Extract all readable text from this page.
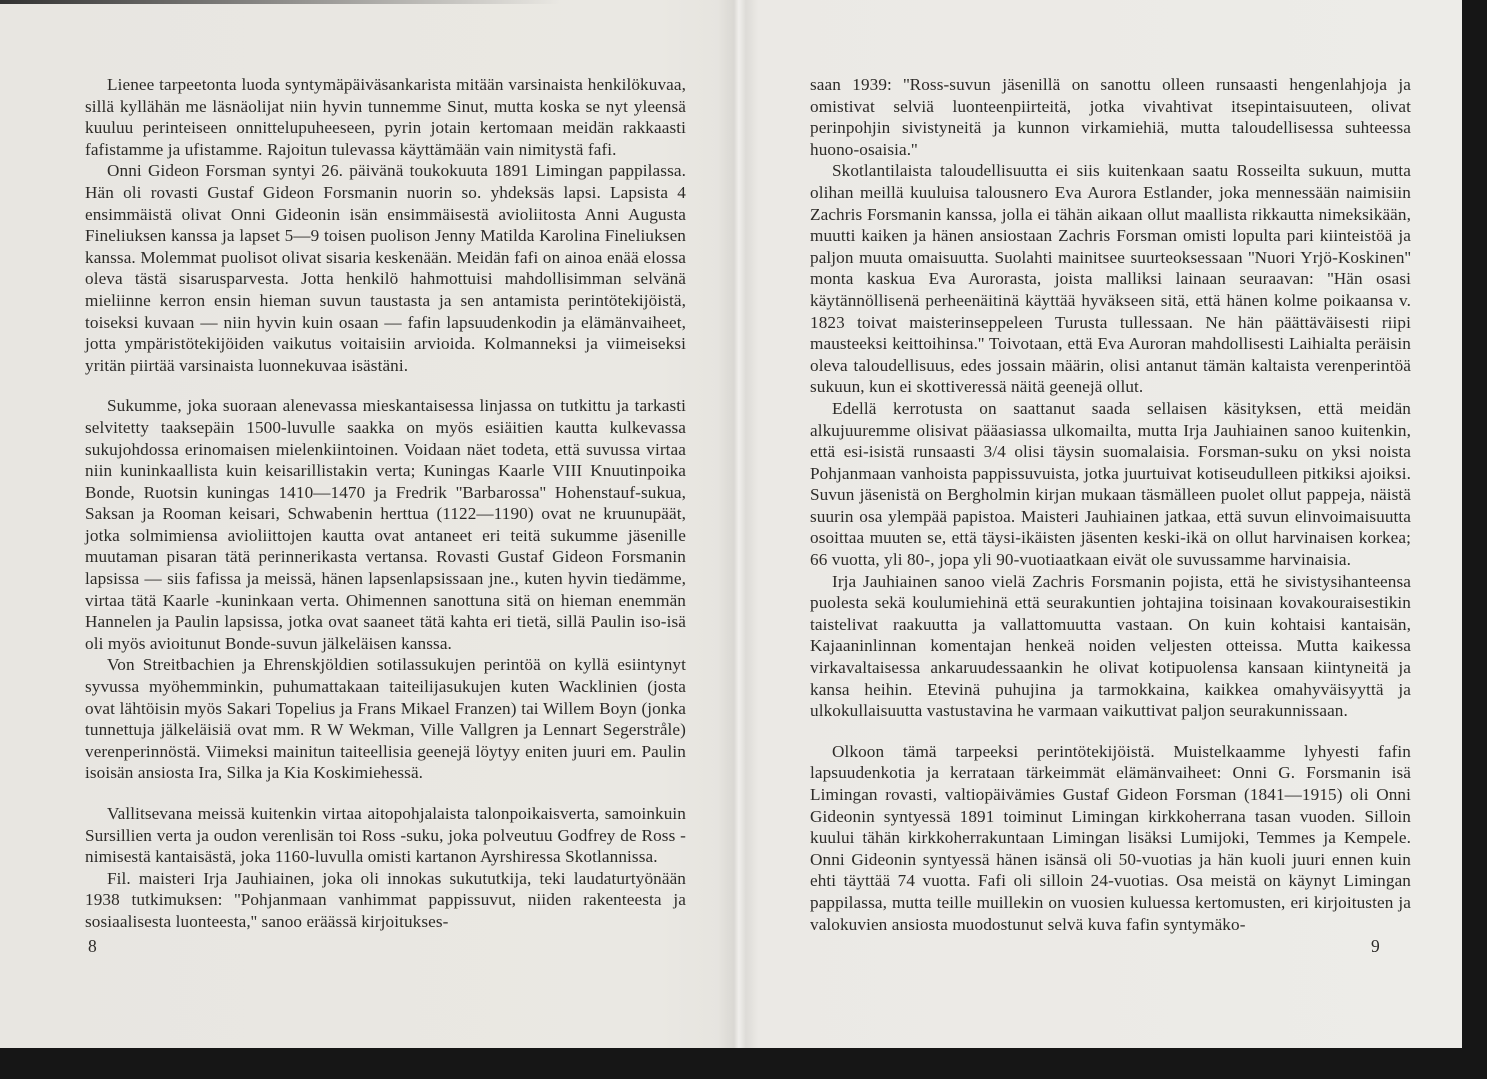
Lienee tarpeetonta luoda syntymäpäiväsankarista mitään varsinaista henkilökuvaa, sillä kyllähän me läsnäolijat niin hyvin tunnemme Sinut, mutta koska se nyt yleensä kuuluu perinteiseen onnittelupuheeseen, pyrin jotain kertomaan meidän rakkaasti fafistamme ja ufistamme. Rajoitun tulevassa käyttämään vain nimitystä fafi.

Onni Gideon Forsman syntyi 26. päivänä toukokuuta 1891 Limingan pappilassa. Hän oli rovasti Gustaf Gideon Forsmanin nuorin so. yhdeksäs lapsi. Lapsista 4 ensimmäistä olivat Onni Gideonin isän ensimmäisestä avioliitosta Anni Augusta Fineliuksen kanssa ja lapset 5—9 toisen puolison Jenny Matilda Karolina Fineliuksen kanssa. Molemmat puolisot olivat sisaria keskenään. Meidän fafi on ainoa enää elossa oleva tästä sisarusparvesta. Jotta henkilö hahmottuisi mahdollisimman selvänä mieliinne kerron ensin hieman suvun taustasta ja sen antamista perintötekijöistä, toiseksi kuvaan — niin hyvin kuin osaan — fafin lapsuudenkodin ja elämänvaiheet, jotta ympäristötekijöiden vaikutus voitaisiin arvioida. Kolmanneksi ja viimeiseksi yritän piirtää varsinaista luonnekuvaa isästäni.

Sukumme, joka suoraan alenevassa mieskantaisessa linjassa on tutkittu ja tarkasti selvitetty taaksepäin 1500-luvulle saakka on myös esiäitien kautta kulkevassa sukujohdossa erinomaisen mielenkiintoinen. Voidaan näet todeta, että suvussa virtaa niin kuninkaallista kuin keisarillistakin verta; Kuningas Kaarle VIII Knuutinpoika Bonde, Ruotsin kuningas 1410—1470 ja Fredrik ''Barbarossa'' Hohenstauf-sukua, Saksan ja Rooman keisari, Schwabenin herttua (1122—1190) ovat ne kruunupäät, jotka solmimiensa avioliittojen kautta ovat antaneet eri teitä sukumme jäsenille muutaman pisaran tätä perinnerikasta vertansa. Rovasti Gustaf Gideon Forsmanin lapsissa — siis fafissa ja meissä, hänen lapsenlapsissaan jne., kuten hyvin tiedämme, virtaa tätä Kaarle -kuninkaan verta. Ohimennen sanottuna sitä on hieman enemmän Hannelen ja Paulin lapsissa, jotka ovat saaneet tätä kahta eri tietä, sillä Paulin iso-isä oli myös avioitunut Bonde-suvun jälkeläisen kanssa.

Von Streitbachien ja Ehrenskjöldien sotilassukujen perintöä on kyllä esiintynyt syvussa myöhemminkin, puhumattakaan taiteilijasukujen kuten Wacklinien (josta ovat lähtöisin myös Sakari Topelius ja Frans Mikael Franzen) tai Willem Boyn (jonka tunnettuja jälkeläisiä ovat mm. R W Wekman, Ville Vallgren ja Lennart Segerstråle) verenperinnöstä. Viimeksi mainitun taiteellisia geenejä löytyy eniten juuri em. Paulin isoisän ansiosta Ira, Silka ja Kia Koskimiehessä.

Vallitsevana meissä kuitenkin virtaa aitopohjalaista talonpoikaisverta, samoinkuin Sursillien verta ja oudon verenlisän toi Ross -suku, joka polveutuu Godfrey de Ross -nimisestä kantaisästä, joka 1160-luvulla omisti kartanon Ayrshiressa Skotlannissa.

Fil. maisteri Irja Jauhiainen, joka oli innokas sukututkija, teki laudaturtyönään 1938 tutkimuksen: ''Pohjanmaan vanhimmat pappissuvut, niiden rakenteesta ja sosiaalisesta luonteesta,'' sanoo eräässä kirjoitukses-

saan 1939: ''Ross-suvun jäsenillä on sanottu olleen runsaasti hengenlahjoja ja omistivat selviä luonteenpiirteitä, jotka vivahtivat itsepintaisuuteen, olivat perinpohjin sivistyneitä ja kunnon virkamiehiä, mutta taloudellisessa suhteessa huono-osaisia.''

Skotlantilaista taloudellisuutta ei siis kuitenkaan saatu Rosseilta sukuun, mutta olihan meillä kuuluisa talousnero Eva Aurora Estlander, joka mennessään naimisiin Zachris Forsmanin kanssa, jolla ei tähän aikaan ollut maallista rikkautta nimeksikään, muutti kaiken ja hänen ansiostaan Zachris Forsman omisti lopulta pari kiinteistöä ja paljon muuta omaisuutta. Suolahti mainitsee suurteoksessaan ''Nuori Yrjö-Koskinen'' monta kaskua Eva Aurorasta, joista malliksi lainaan seuraavan: ''Hän osasi käytännöllisenä perheenäitinä käyttää hyväkseen sitä, että hänen kolme poikaansa v. 1823 toivat maisterinseppeleen Turusta tullessaan. Ne hän päättäväisesti riipi mausteeksi keittoihinsa.'' Toivotaan, että Eva Auroran mahdollisesti Laihialta peräisin oleva taloudellisuus, edes jossain määrin, olisi antanut tämän kaltaista verenperintöä sukuun, kun ei skottiveressä näitä geenejä ollut.

Edellä kerrotusta on saattanut saada sellaisen käsityksen, että meidän alkujuuremme olisivat pääasiassa ulkomailta, mutta Irja Jauhiainen sanoo kuitenkin, että esi-isistä runsaasti 3/4 olisi täysin suomalaisia. Forsman-suku on yksi noista Pohjanmaan vanhoista pappissuvuista, jotka juurtuivat kotiseudulleen pitkiksi ajoiksi. Suvun jäsenistä on Bergholmin kirjan mukaan täsmälleen puolet ollut pappeja, näistä suurin osa ylempää papistoa. Maisteri Jauhiainen jatkaa, että suvun elinvoimaisuutta osoittaa muuten se, että täysi-ikäisten jäsenten keski-ikä on ollut harvinaisen korkea; 66 vuotta, yli 80-, jopa yli 90-vuotiaatkaan eivät ole suvussamme harvinaisia.

Irja Jauhiainen sanoo vielä Zachris Forsmanin pojista, että he sivistysihanteensa puolesta sekä koulumiehinä että seurakuntien johtajina toisinaan kovakouraisestikin taistelivat raakuutta ja vallattomuutta vastaan. On kuin kohtaisi kantaisän, Kajaaninlinnan komentajan henkeä noiden veljesten otteissa. Mutta kaikessa virkavaltaisessa ankaruudessaankin he olivat kotipuolensa kansaan kiintyneitä ja kansa heihin. Etevinä puhujina ja tarmokkaina, kaikkea omahyväisyyttä ja ulkokullaisuutta vastustavina he varmaan vaikuttivat paljon seurakunnissaan.

Olkoon tämä tarpeeksi perintötekijöistä. Muistelkaamme lyhyesti fafin lapsuudenkotia ja kerrataan tärkeimmät elämänvaiheet: Onni G. Forsmanin isä Limingan rovasti, valtiopäivämies Gustaf Gideon Forsman (1841—1915) oli Onni Gideonin syntyessä 1891 toiminut Limingan kirkkoherrana tasan vuoden. Silloin kuului tähän kirkkoherrakuntaan Limingan lisäksi Lumijoki, Temmes ja Kempele. Onni Gideonin syntyessä hänen isänsä oli 50-vuotias ja hän kuoli juuri ennen kuin ehti täyttää 74 vuotta. Fafi oli silloin 24-vuotias. Osa meistä on käynyt Limingan pappilassa, mutta teille muillekin on vuosien kuluessa kertomusten, eri kirjoitusten ja valokuvien ansiosta muodostunut selvä kuva fafin syntymäko-

8	9
